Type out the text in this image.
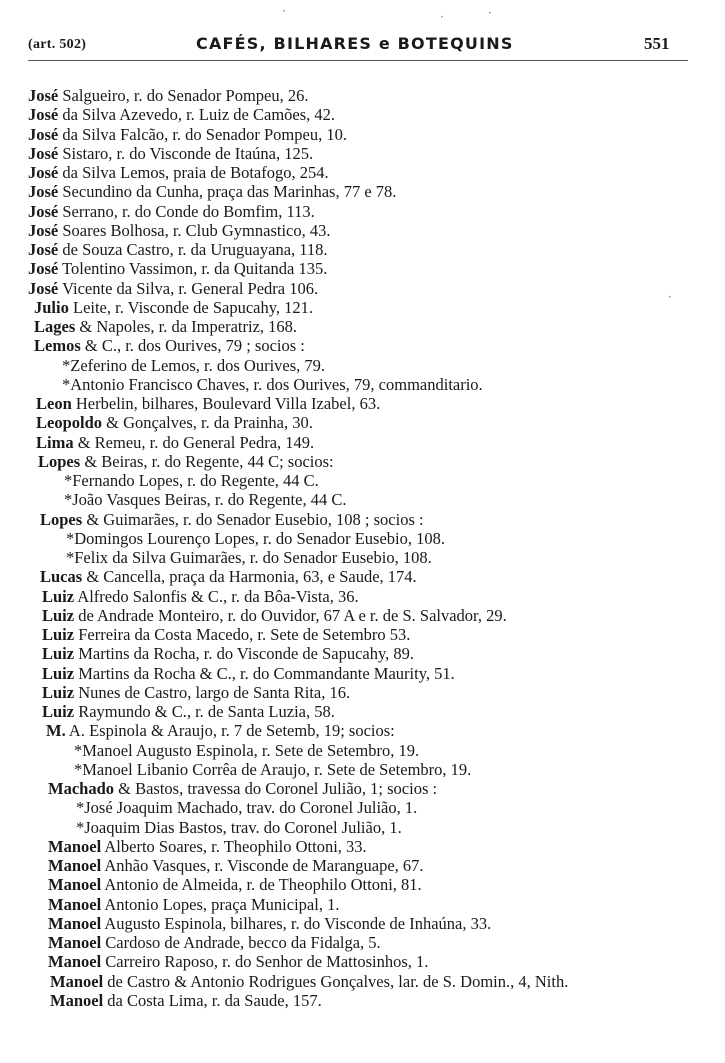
·	·	·
·
(art. 502)	CAFÉS, BILHARES e BOTEQUINS	551
José Salgueiro, r. do Senador Pompeu, 26.
José da Silva Azevedo, r. Luiz de Camões, 42.
José da Silva Falcão, r. do Senador Pompeu, 10.
José Sistaro, r. do Visconde de Itaúna, 125.
José da Silva Lemos, praia de Botafogo, 254.
José Secundino da Cunha, praça das Marinhas, 77 e 78.
José Serrano, r. do Conde do Bomfim, 113.
José Soares Bolhosa, r. Club Gymnastico, 43.
José de Souza Castro, r. da Uruguayana, 118.
José Tolentino Vassimon, r. da Quitanda 135.
José Vicente da Silva, r. General Pedra 106.
Julio Leite, r. Visconde de Sapucahy, 121.
Lages & Napoles, r. da Imperatriz, 168.
Lemos & C., r. dos Ourives, 79 ; socios :
*Zeferino de Lemos, r. dos Ourives, 79.
*Antonio Francisco Chaves, r. dos Ourives, 79, commanditario.
Leon Herbelin, bilhares, Boulevard Villa Izabel, 63.
Leopoldo & Gonçalves, r. da Prainha, 30.
Lima & Remeu, r. do General Pedra, 149.
Lopes & Beiras, r. do Regente, 44 C; socios:
*Fernando Lopes, r. do Regente, 44 C.
*João Vasques Beiras, r. do Regente, 44 C.
Lopes & Guimarães, r. do Senador Eusebio, 108 ; socios :
*Domingos Lourenço Lopes, r. do Senador Eusebio, 108.
*Felix da Silva Guimarães, r. do Senador Eusebio, 108.
Lucas & Cancella, praça da Harmonia, 63, e Saude, 174.
Luiz Alfredo Salonfis & C., r. da Bôa-Vista, 36.
Luiz de Andrade Monteiro, r. do Ouvidor, 67 A e r. de S. Salvador, 29.
Luiz Ferreira da Costa Macedo, r. Sete de Setembro 53.
Luiz Martins da Rocha, r. do Visconde de Sapucahy, 89.
Luiz Martins da Rocha & C., r. do Commandante Maurity, 51.
Luiz Nunes de Castro, largo de Santa Rita, 16.
Luiz Raymundo & C., r. de Santa Luzia, 58.
M. A. Espinola & Araujo, r. 7 de Setemb, 19; socios:
*Manoel Augusto Espinola, r. Sete de Setembro, 19.
*Manoel Libanio Corrêa de Araujo, r. Sete de Setembro, 19.
Machado & Bastos, travessa do Coronel Julião, 1; socios :
*José Joaquim Machado, trav. do Coronel Julião, 1.
*Joaquim Dias Bastos, trav. do Coronel Julião, 1.
Manoel Alberto Soares, r. Theophilo Ottoni, 33.
Manoel Anhão Vasques, r. Visconde de Maranguape, 67.
Manoel Antonio de Almeida, r. de Theophilo Ottoni, 81.
Manoel Antonio Lopes, praça Municipal, 1.
Manoel Augusto Espinola, bilhares, r. do Visconde de Inhaúna, 33.
Manoel Cardoso de Andrade, becco da Fidalga, 5.
Manoel Carreiro Raposo, r. do Senhor de Mattosinhos, 1.
Manoel de Castro & Antonio Rodrigues Gonçalves, lar. de S. Domin., 4, Nith.
Manoel da Costa Lima, r. da Saude, 157.
